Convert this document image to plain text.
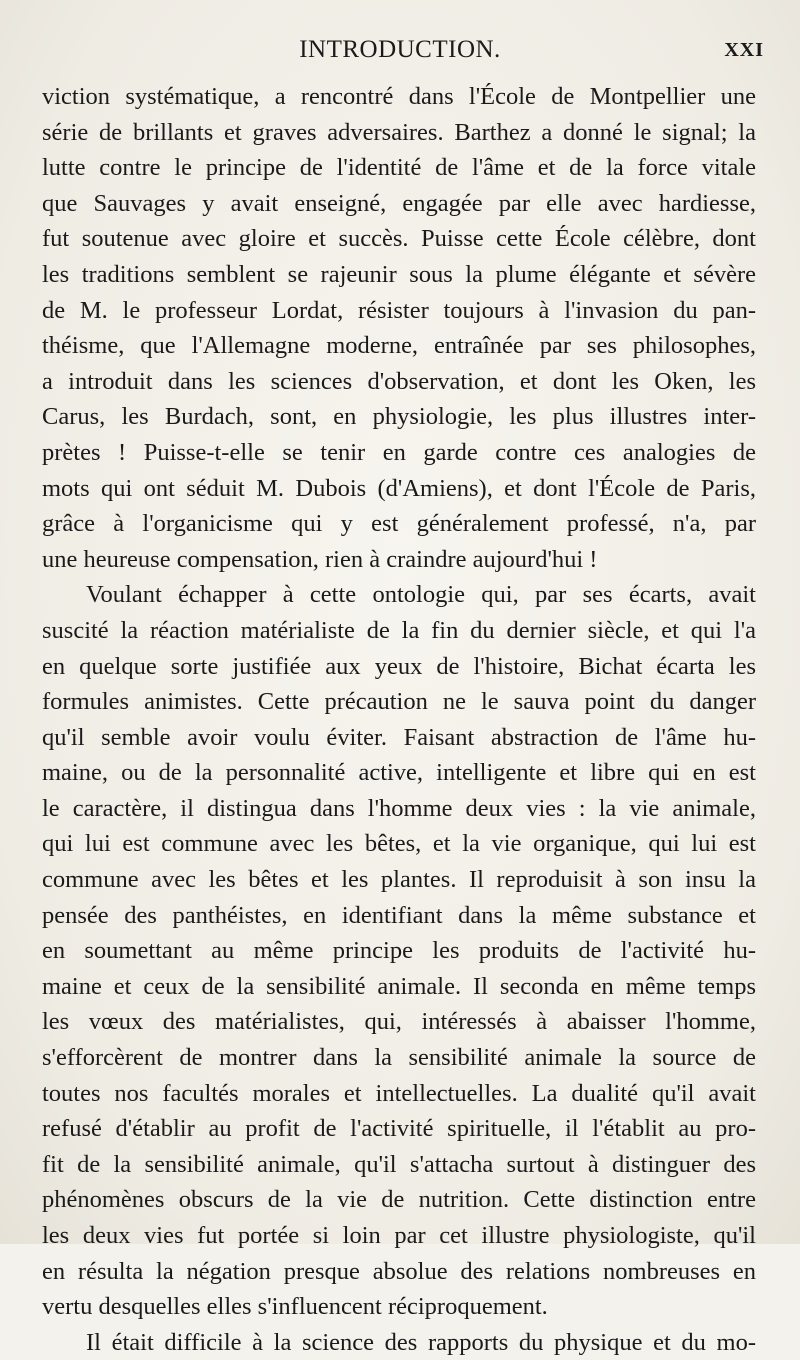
INTRODUCTION.	XXI
viction systématique, a rencontré dans l'École de Montpellier une
série de brillants et graves adversaires. Barthez a donné le signal; la
lutte contre le principe de l'identité de l'âme et de la force vitale
que Sauvages y avait enseigné, engagée par elle avec hardiesse,
fut soutenue avec gloire et succès. Puisse cette École célèbre, dont
les traditions semblent se rajeunir sous la plume élégante et sévère
de M. le professeur Lordat, résister toujours à l'invasion du pan-
théisme, que l'Allemagne moderne, entraînée par ses philosophes,
a introduit dans les sciences d'observation, et dont les Oken, les
Carus, les Burdach, sont, en physiologie, les plus illustres inter-
prètes ! Puisse-t-elle se tenir en garde contre ces analogies de
mots qui ont séduit M. Dubois (d'Amiens), et dont l'École de Paris,
grâce à l'organicisme qui y est généralement professé, n'a, par
une heureuse compensation, rien à craindre aujourd'hui !
Voulant échapper à cette ontologie qui, par ses écarts, avait
suscité la réaction matérialiste de la fin du dernier siècle, et qui l'a
en quelque sorte justifiée aux yeux de l'histoire, Bichat écarta les
formules animistes. Cette précaution ne le sauva point du danger
qu'il semble avoir voulu éviter. Faisant abstraction de l'âme hu-
maine, ou de la personnalité active, intelligente et libre qui en est
le caractère, il distingua dans l'homme deux vies : la vie animale,
qui lui est commune avec les bêtes, et la vie organique, qui lui est
commune avec les bêtes et les plantes. Il reproduisit à son insu la
pensée des panthéistes, en identifiant dans la même substance et
en soumettant au même principe les produits de l'activité hu-
maine et ceux de la sensibilité animale. Il seconda en même temps
les vœux des matérialistes, qui, intéressés à abaisser l'homme,
s'efforcèrent de montrer dans la sensibilité animale la source de
toutes nos facultés morales et intellectuelles. La dualité qu'il avait
refusé d'établir au profit de l'activité spirituelle, il l'établit au pro-
fit de la sensibilité animale, qu'il s'attacha surtout à distinguer des
phénomènes obscurs de la vie de nutrition. Cette distinction entre
les deux vies fut portée si loin par cet illustre physiologiste, qu'il
en résulta la négation presque absolue des relations nombreuses en
vertu desquelles elles s'influencent réciproquement.
Il était difficile à la science des rapports du physique et du mo-
